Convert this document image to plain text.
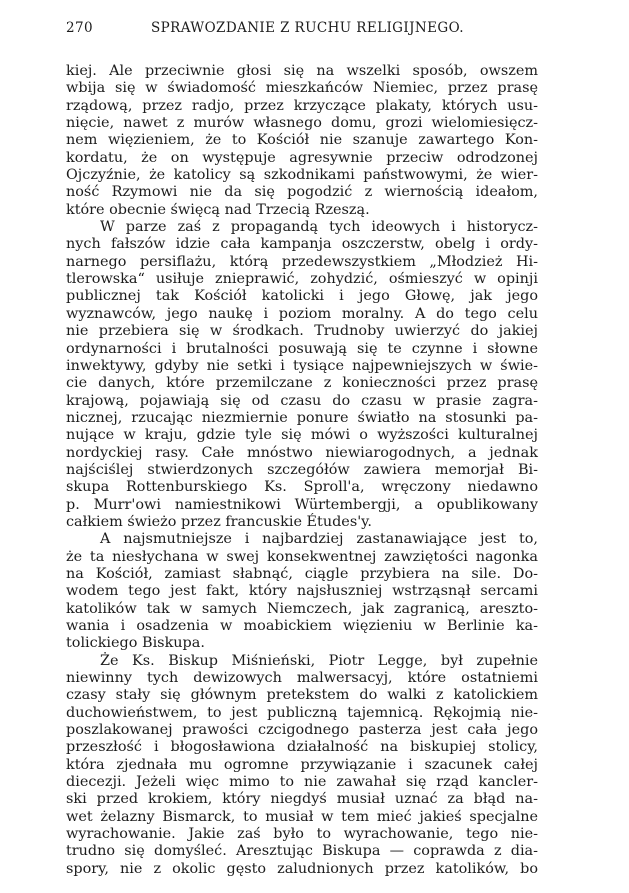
270	SPRAWOZDANIE Z RUCHU RELIGIJNEGO.
kiej. Ale przeciwnie głosi się na wszelki sposób, owszem
wbija się w świadomość mieszkańców Niemiec, przez prasę
rządową, przez radjo, przez krzyczące plakaty, których usu-
nięcie, nawet z murów własnego domu, grozi wielomiesięcz-
nem więzieniem, że to Kościół nie szanuje zawartego Kon-
kordatu, że on występuje agresywnie przeciw odrodzonej
Ojczyźnie, że katolicy są szkodnikami państwowymi, że wier-
ność Rzymowi nie da się pogodzić z wiernością ideałom,
które obecnie święcą nad Trzecią Rzeszą.
W parze zaś z propagandą tych ideowych i historycz-
nych fałszów idzie cała kampanja oszczerstw, obelg i ordy-
narnego persiflażu, którą przedewszystkiem „Młodzież Hi-
tlerowska“ usiłuje znieprawić, zohydzić, ośmieszyć w opinji
publicznej tak Kościół katolicki i jego Głowę, jak jego
wyznawców, jego naukę i poziom moralny. A do tego celu
nie przebiera się w środkach. Trudnoby uwierzyć do jakiej
ordynarności i brutalności posuwają się te czynne i słowne
inwektywy, gdyby nie setki i tysiące najpewniejszych w świe-
cie danych, które przemilczane z konieczności przez prasę
krajową, pojawiają się od czasu do czasu w prasie zagra-
nicznej, rzucając niezmiernie ponure światło na stosunki pa-
nujące w kraju, gdzie tyle się mówi o wyższości kulturalnej
nordyckiej rasy. Całe mnóstwo niewiarogodnych, a jednak
najściślej stwierdzonych szczegółów zawiera memorjał Bi-
skupa Rottenburskiego Ks. Sproll'a, wręczony niedawno
p. Murr'owi namiestnikowi Würtembergji, a opublikowany
całkiem świeżo przez francuskie Études'y.
A najsmutniejsze i najbardziej zastanawiające jest to,
że ta niesłychana w swej konsekwentnej zawziętości nagonka
na Kościół, zamiast słabnąć, ciągle przybiera na sile. Do-
wodem tego jest fakt, który najsłuszniej wstrząsnął sercami
katolików tak w samych Niemczech, jak zagranicą, areszto-
wania i osadzenia w moabickiem więzieniu w Berlinie ka-
tolickiego Biskupa.
Że Ks. Biskup Miśnieński, Piotr Legge, był zupełnie
niewinny tych dewizowych malwersacyj, które ostatniemi
czasy stały się głównym pretekstem do walki z katolickiem
duchowieństwem, to jest publiczną tajemnicą. Rękojmią nie-
poszlakowanej prawości czcigodnego pasterza jest cała jego
przeszłość i błogosławiona działalność na biskupiej stolicy,
która zjednała mu ogromne przywiązanie i szacunek całej
diecezji. Jeżeli więc mimo to nie zawahał się rząd kancler-
ski przed krokiem, który niegdyś musiał uznać za błąd na-
wet żelazny Bismarck, to musiał w tem mieć jakieś specjalne
wyrachowanie. Jakie zaś było to wyrachowanie, tego nie-
trudno się domyśleć. Aresztując Biskupa — coprawda z dia-
spory, nie z okolic gęsto zaludnionych przez katolików, bo
